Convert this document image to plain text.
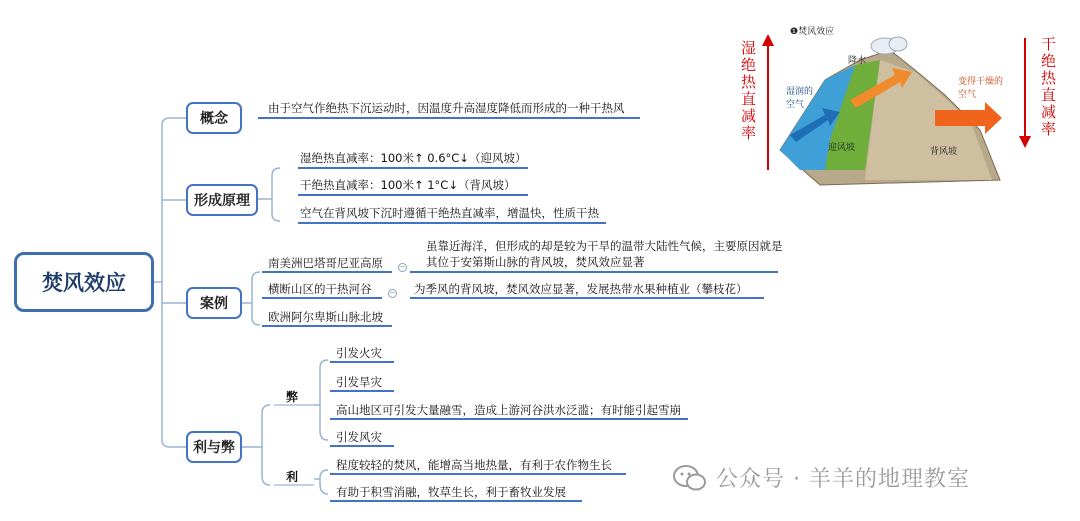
焚风效应
概念
形成原理
案例
利与弊
由于空气作绝热下沉运动时，因温度升高湿度降低而形成的一种干热风
湿绝热直减率：100米↑ 0.6°C↓（迎风坡）
干绝热直减率：100米↑ 1°C↓（背风坡）
空气在背风坡下沉时遵循干绝热直减率，增温快，性质干热
南美洲巴塔哥尼亚高原 −
虽靠近海洋，但形成的却是较为干旱的温带大陆性气候，主要原因就是其位于安第斯山脉的背风坡，焚风效应显著
横断山区的干热河谷	− 为季风的背风坡，焚风效应显著，发展热带水果种植业（攀枝花）
欧洲阿尔卑斯山脉北坡
弊
利
引发火灾
引发旱灾
高山地区可引发大量融雪，造成上游河谷洪水泛滥；有时能引起雪崩
引发风灾
程度较轻的焚风，能增高当地热量，有利于农作物生长
有助于积雪消融，牧草生长，利于畜牧业发展
❶焚风效应
湿绝热直减率	干绝热直减率
降水
湿润的空气
变得干燥的空气
迎风坡	背风坡
公众号 · 羊羊的地理教室
